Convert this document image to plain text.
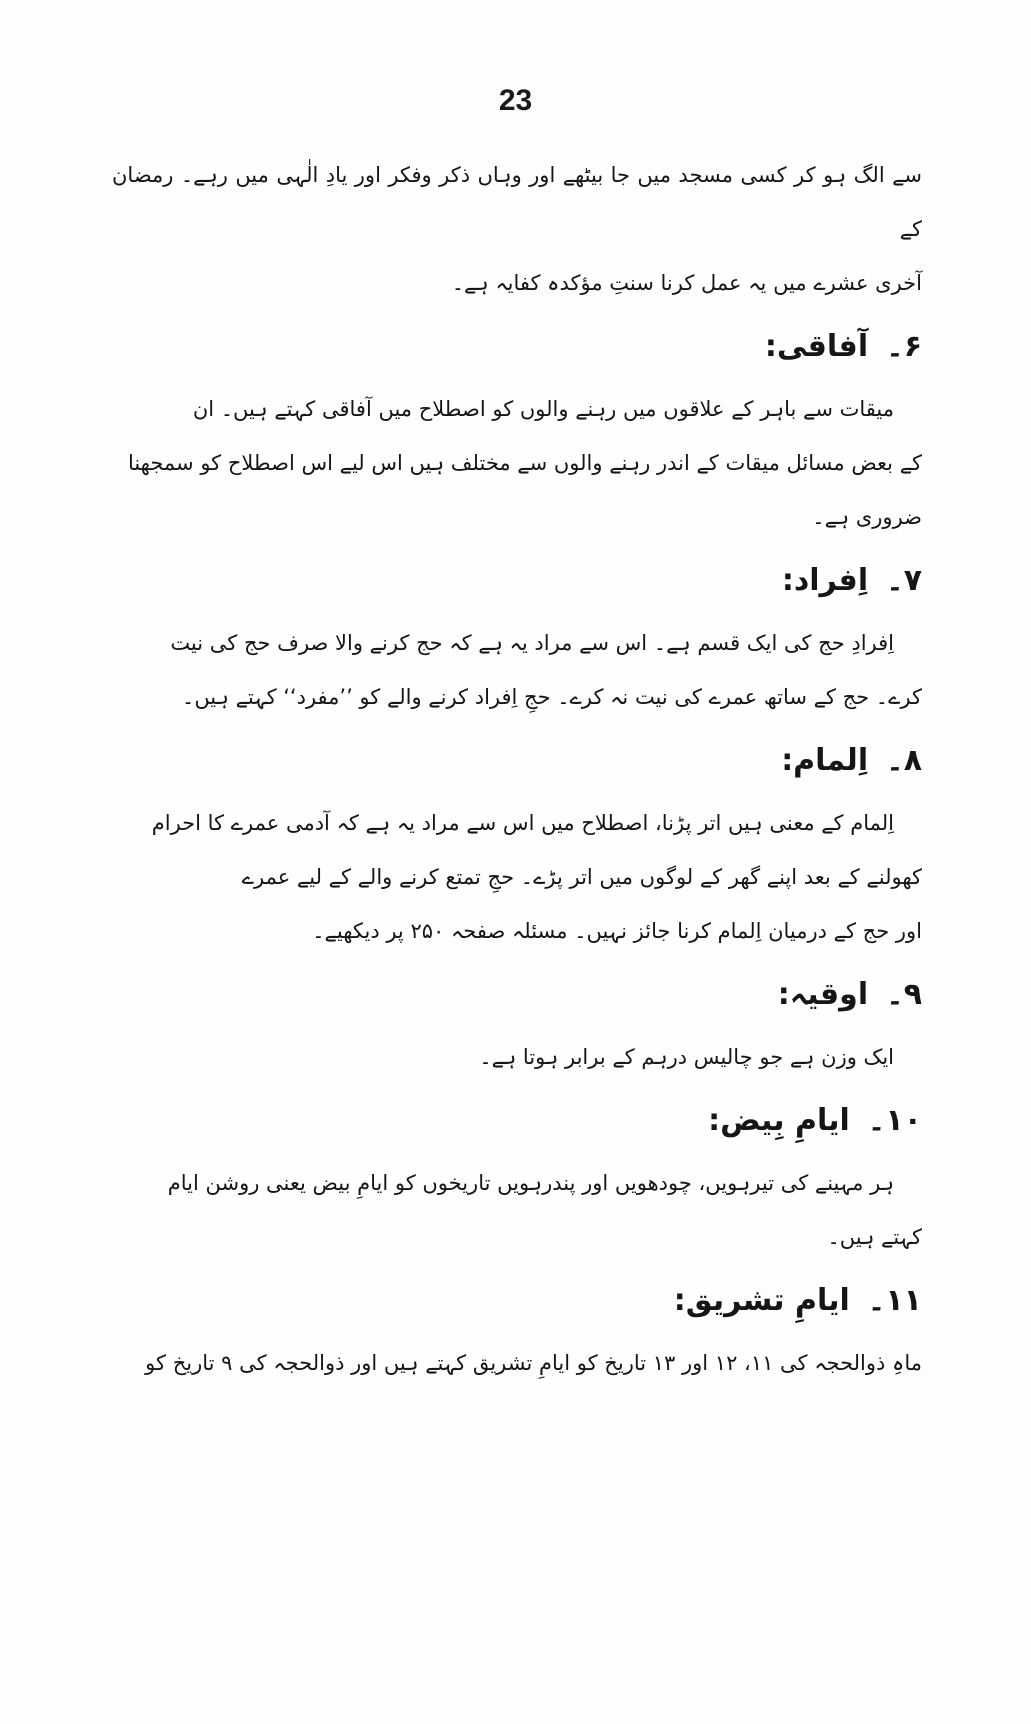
23
سے الگ ہو کر کسی مسجد میں جا بیٹھے اور وہاں ذکر وفکر اور یادِ الٰہی میں رہے۔ رمضان کے
آخری عشرے میں یہ عمل کرنا سنتِ مؤکدہ کفایہ ہے۔
۶۔آفاقی:
میقات سے باہر کے علاقوں میں رہنے والوں کو اصطلاح میں آفاقی کہتے ہیں۔ ان
کے بعض مسائل میقات کے اندر رہنے والوں سے مختلف ہیں اس لیے اس اصطلاح کو سمجھنا
ضروری ہے۔
۷۔اِفراد:
اِفرادِ حج کی ایک قسم ہے۔ اس سے مراد یہ ہے کہ حج کرنے والا صرف حج کی نیت
کرے۔ حج کے ساتھ عمرے کی نیت نہ کرے۔ حجِ اِفراد کرنے والے کو ’’مفرد‘‘ کہتے ہیں۔
۸۔اِلمام:
اِلمام کے معنی ہیں اتر پڑنا، اصطلاح میں اس سے مراد یہ ہے کہ آدمی عمرے کا احرام
کھولنے کے بعد اپنے گھر کے لوگوں میں اتر پڑے۔ حجِ تمتع کرنے والے کے لیے عمرے
اور حج کے درمیان اِلمام کرنا جائز نہیں۔ مسئلہ صفحہ ۲۵۰ پر دیکھیے۔
۹۔اوقیہ:
ایک وزن ہے جو چالیس درہم کے برابر ہوتا ہے۔
۱۰۔ایامِ بِیض:
ہر مہینے کی تیرہویں، چودھویں اور پندرہویں تاریخوں کو ایامِ بیض یعنی روشن ایام
کہتے ہیں۔
۱۱۔ایامِ تشریق:
ماہِ ذوالحجہ کی ۱۱، ۱۲ اور ۱۳ تاریخ کو ایامِ تشریق کہتے ہیں اور ذوالحجہ کی ۹ تاریخ کو
